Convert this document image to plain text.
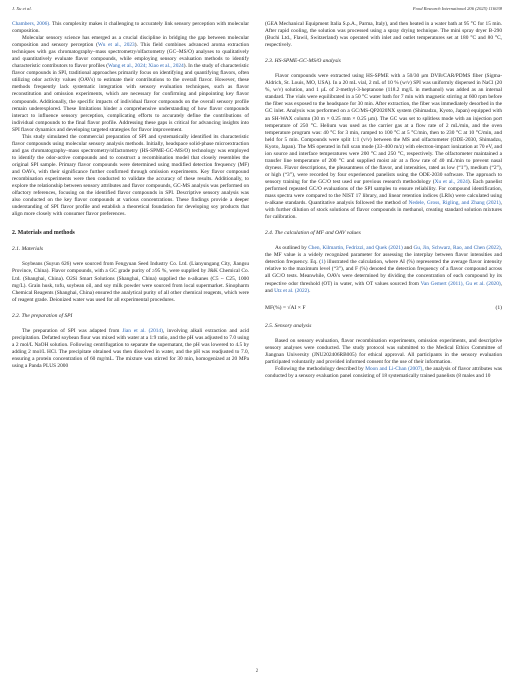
J. Xu et al.	Food Research International 206 (2025) 116038

Chambers, 2006). This complexity makes it challenging to accurately link sensory perception with molecular composition.

Molecular sensory science has emerged as a crucial discipline in bridging the gap between molecular composition and sensory perception (Wu et al., 2023). This field combines advanced aroma extraction techniques with gas chromatography–mass spectrometry/olfactometry (GC–MS/O) analyses to qualitatively and quantitatively evaluate flavor compounds, while employing sensory evaluation methods to identify characteristic contributors to flavor profiles (Wang et al., 2024; Xiao et al., 2024). In the study of characteristic flavor compounds in SPI, traditional approaches primarily focus on identifying and quantifying flavors, often utilizing odor activity values (OAVs) to estimate their contributions to the overall flavor. However, these methods frequently lack systematic integration with sensory evaluation techniques, such as flavor reconstitution and omission experiments, which are necessary for confirming and pinpointing key flavor compounds. Additionally, the specific impacts of individual flavor compounds on the overall sensory profile remain underexplored. These limitations hinder a comprehensive understanding of how flavor compounds interact to influence sensory perception, complicating efforts to accurately define the contributions of individual compounds to the final flavor profile. Addressing these gaps is critical for advancing insights into SPI flavor dynamics and developing targeted strategies for flavor improvement.

This study simulated the commercial preparation of SPI and systematically identified its characteristic flavor compounds using molecular sensory analysis methods. Initially, headspace solid-phase microextraction and gas chromatography–mass spectrometry/olfactometry (HS-SPME-GC-MS/O) technology was employed to identify the odor-active compounds and to construct a recombination model that closely resembles the original SPI sample. Primary flavor compounds were determined using modified detection frequency (MF) and OAVs, with their significance further confirmed through omission experiments. Key flavor compound recombination experiments were then conducted to validate the accuracy of these results. Additionally, to explore the relationship between sensory attributes and flavor compounds, GC-MS analysis was performed on olfactory references, focusing on the identified flavor compounds in SPI. Descriptive sensory analysis was also conducted on the key flavor compounds at various concentrations. These findings provide a deeper understanding of SPI flavor profile and establish a theoretical foundation for developing soy products that align more closely with consumer flavor preferences.

2. Materials and methods
2.1. Materials

Soybeans (Suyun 626) were sourced from Fengyuan Seed Industry Co. Ltd. (Lianyungang City, Jiangsu Province, China). Flavor compounds, with a GC grade purity of ≥95 %, were supplied by J&K Chemical Co. Ltd. (Shanghai, China). O2Si Smart Solutions (Shanghai, China) supplied the n-alkanes (C5 ~ C25, 1000 mg/L). Grain husk, tofu, soybean oil, and soy milk powder were sourced from local supermarket. Sinopharm Chemical Reagents (Shanghai, China) ensured the analytical purity of all other chemical reagents, which were of reagent grade. Deionized water was used for all experimental procedures.

2.2. The preparation of SPI

The preparation of SPI was adapted from Jian et al. (2014), involving alkali extraction and acid precipitation. Defatted soybean flour was mixed with water at a 1:9 ratio, and the pH was adjusted to 7.0 using a 2 mol/L NaOH solution. Following centrifugation to separate the supernatant, the pH was lowered to 4.5 by adding 2 mol/L HCl. The precipitate obtained was then dissolved in water, and the pH was readjusted to 7.0, ensuring a protein concentration of 60 mg/mL. The mixture was stirred for 30 min, homogenized at 20 MPa using a Panda PLUS 2000

(GEA Mechanical Equipment Italia S.p.A., Parma, Italy), and then heated in a water bath at 95 °C for 15 min. After rapid cooling, the solution was processed using a spray drying technique. The mini spray dryer B-290 (Buchi Ltd., Flawil, Switzerland) was operated with inlet and outlet temperatures set at 180 °C and 80 °C, respectively.

2.3. HS-SPME-GC-MS/O analysis

Flavor compounds were extracted using HS-SPME with a 50/30 μm DVB/CAR/PDMS fiber (Sigma-Aldrich, St. Louis, MO, USA). In a 20 mL vial, 2 mL of 10 % (w/v) SPI was uniformly dispersed in NaCl (20 %, w/v) solution, and 1 μL of 2-methyl-3-heptanone (118.2 mg/L in methanol) was added as an internal standard. The vials were equilibrated in a 50 °C water bath for 7 min with magnetic stirring at 600 rpm before the fiber was exposed to the headspace for 30 min. After extraction, the fiber was immediately desorbed in the GC inlet. Analysis was performed on a GC/MS-QP2020NX system (Shimadzu, Kyoto, Japan) equipped with an SH-WAX column (30 m × 0.25 mm × 0.25 μm). The GC was set to splitless mode with an injection port temperature of 250 °C. Helium was used as the carrier gas at a flow rate of 2 mL/min, and the oven temperature program was: 40 °C for 3 min, ramped to 100 °C at 5 °C/min, then to 230 °C at 10 °C/min, and held for 5 min. Compounds were split 1:1 (v/v) between the MS and olfactometer (ODE-2030, Shimadzu, Kyoto, Japan). The MS operated in full scan mode (33–400 m/z) with electron-impact ionization at 70 eV, and ion source and interface temperatures were 200 °C and 250 °C, respectively. The olfactometer maintained a transfer line temperature of 200 °C and supplied moist air at a flow rate of 40 mL/min to prevent nasal dryness. Flavor descriptions, the pleasantness of the flavor, and intensities, rated as low (“1”), medium (“2”), or high (“3”), were recorded by four experienced panelists using the ODE-2030 software. The approach to sensory training for the GC/O test used our previous research methodology (Xu et al., 2024). Each panelist performed repeated GC/O evaluations of the SPI samples to ensure reliability. For compound identification, mass spectra were compared to the NIST 17 library, and linear retention indices (LRIs) were calculated using n-alkane standards. Quantitative analysis followed the method of Nedele, Gross, Rigling, and Zhang (2021), with further dilution of stock solutions of flavor compounds in methanol, creating standard solution mixtures for calibration.

2.4. The calculation of MF and OAV values

As outlined by Chen, Kilmartin, Fedrizzi, and Quek (2021) and Gu, Jin, Schwarz, Rao, and Chen (2022), the MF value is a widely recognized parameter for assessing the interplay between flavor intensities and detection frequency. Eq. (1) illustrated the calculation, where AI (%) represented the average flavor intensity relative to the maximum level (“3”), and F (%) denoted the detection frequency of a flavor compound across all GC/O tests. Meanwhile, OAVs were determined by dividing the concentration of each compound by its respective odor threshold (OT) in water, with OT values sourced from Van Gemert (2011), Gu et al. (2020), and Utz et al. (2022).

MF(%) = √AI × F	(1)
2.5. Sensory analysis

Based on sensory evaluation, flavor recombination experiments, omission experiments, and descriptive sensory analyses were conducted. The study protocol was submitted to the Medical Ethics Committee of Jiangnan University (JNU202406RB005) for ethical approval. All participants in the sensory evaluation participated voluntarily and provided informed consent for the use of their information.

Following the methodology described by Moon and Li-Chan (2007), the analysis of flavor attributes was conducted by a sensory evaluation panel consisting of 18 systematically trained panelists (8 males and 10

2
